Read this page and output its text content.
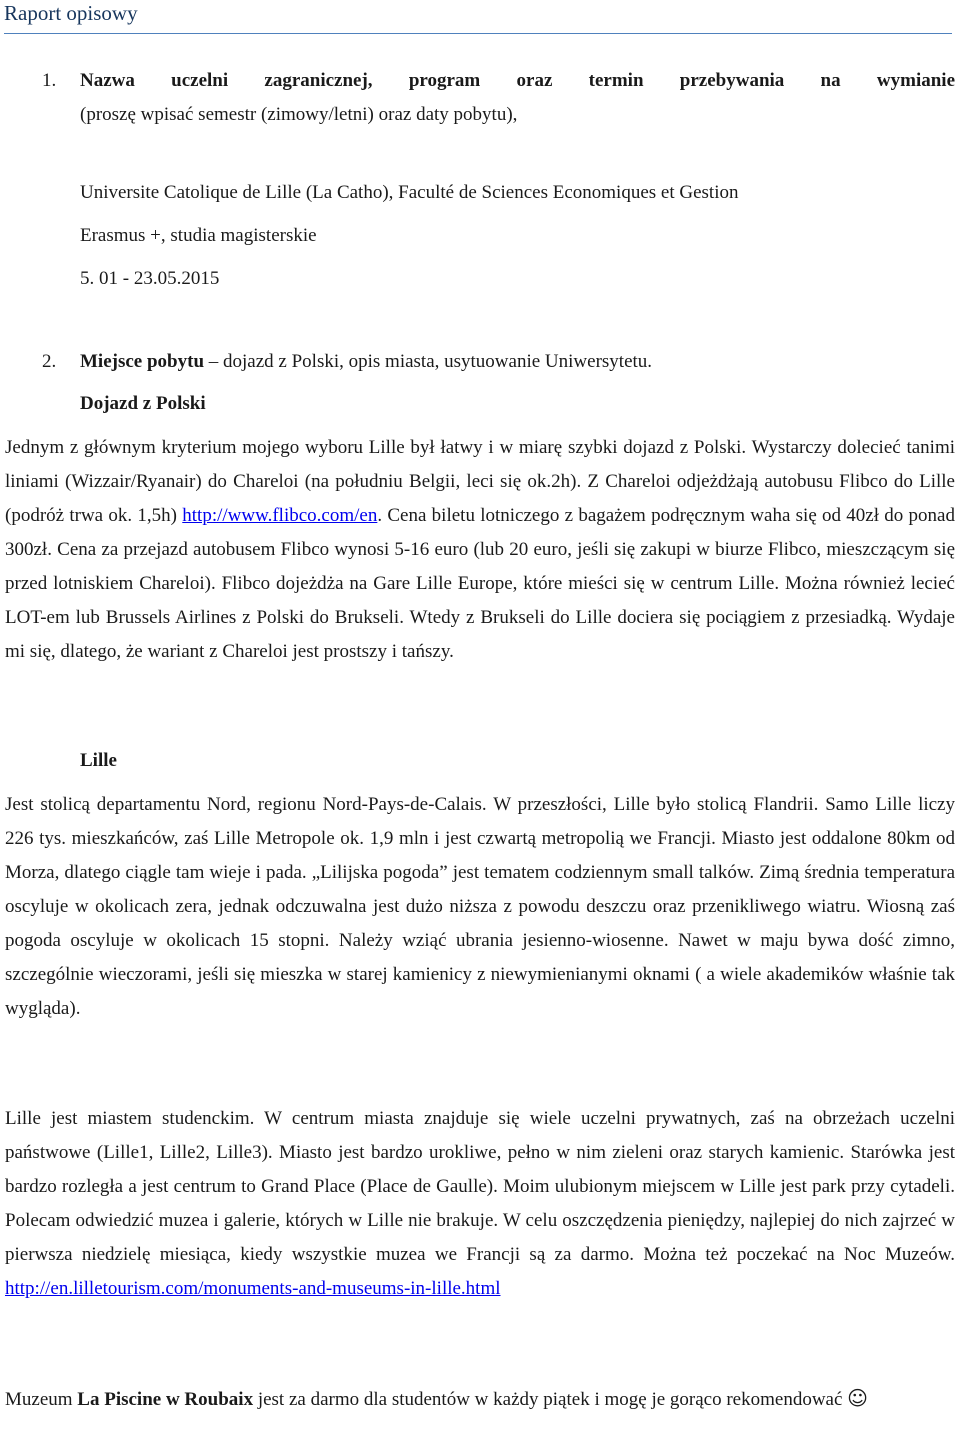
Raport opisowy
1. Nazwa uczelni zagranicznej, program oraz termin przebywania na wymianie
(proszę wpisać semestr (zimowy/letni) oraz daty pobytu),
Universite Catolique de Lille (La Catho), Faculté de Sciences Economiques et Gestion
Erasmus +, studia magisterskie
5. 01 - 23.05.2015
2. Miejsce pobytu – dojazd z Polski, opis miasta, usytuowanie Uniwersytetu.
Dojazd z Polski
Jednym z głównym kryterium mojego wyboru Lille był łatwy i w miarę szybki dojazd z Polski. Wystarczy dolecieć tanimi liniami (Wizzair/Ryanair) do Chareloi (na południu Belgii, leci się ok.2h). Z Chareloi odjeżdżają autobusu Flibco do Lille (podróż trwa ok. 1,5h) http://www.flibco.com/en. Cena biletu lotniczego z bagażem podręcznym waha się od 40zł do ponad 300zł. Cena za przejazd autobusem Flibco wynosi 5-16 euro (lub 20 euro, jeśli się zakupi w biurze Flibco, mieszczącym się przed lotniskiem Chareloi). Flibco dojeżdża na Gare Lille Europe, które mieści się w centrum Lille. Można również lecieć LOT-em lub Brussels Airlines z Polski do Brukseli. Wtedy z Brukseli do Lille dociera się pociągiem z przesiadką. Wydaje mi się, dlatego, że wariant z Chareloi jest prostszy i tańszy.
Lille
Jest stolicą departamentu Nord, regionu Nord-Pays-de-Calais. W przeszłości, Lille było stolicą Flandrii. Samo Lille liczy 226 tys. mieszkańców, zaś Lille Metropole ok. 1,9 mln i jest czwartą metropolią we Francji. Miasto jest oddalone 80km od Morza, dlatego ciągle tam wieje i pada. „Lilijska pogoda” jest tematem codziennym small talków. Zimą średnia temperatura oscyluje w okolicach zera, jednak odczuwalna jest dużo niższa z powodu deszczu oraz przenikliwego wiatru. Wiosną zaś pogoda oscyluje w okolicach 15 stopni. Należy wziąć ubrania jesienno-wiosenne. Nawet w maju bywa dość zimno, szczególnie wieczorami, jeśli się mieszka w starej kamienicy z niewymienianymi oknami ( a wiele akademików właśnie tak wygląda).
Lille jest miastem studenckim. W centrum miasta znajduje się wiele uczelni prywatnych, zaś na obrzeżach uczelni państwowe (Lille1, Lille2, Lille3). Miasto jest bardzo urokliwe, pełno w nim zieleni oraz starych kamienic. Starówka jest bardzo rozległa a jest centrum to Grand Place (Place de Gaulle). Moim ulubionym miejscem w Lille jest park przy cytadeli. Polecam odwiedzić muzea i galerie, których w Lille nie brakuje. W celu oszczędzenia pieniędzy, najlepiej do nich zajrzeć w pierwsza niedzielę miesiąca, kiedy wszystkie muzea we Francji są za darmo. Można też poczekać na Noc Muzeów. http://en.lilletourism.com/monuments-and-museums-in-lille.html
Muzeum La Piscine w Roubaix jest za darmo dla studentów w każdy piątek i mogę je gorąco rekomendować ☺
